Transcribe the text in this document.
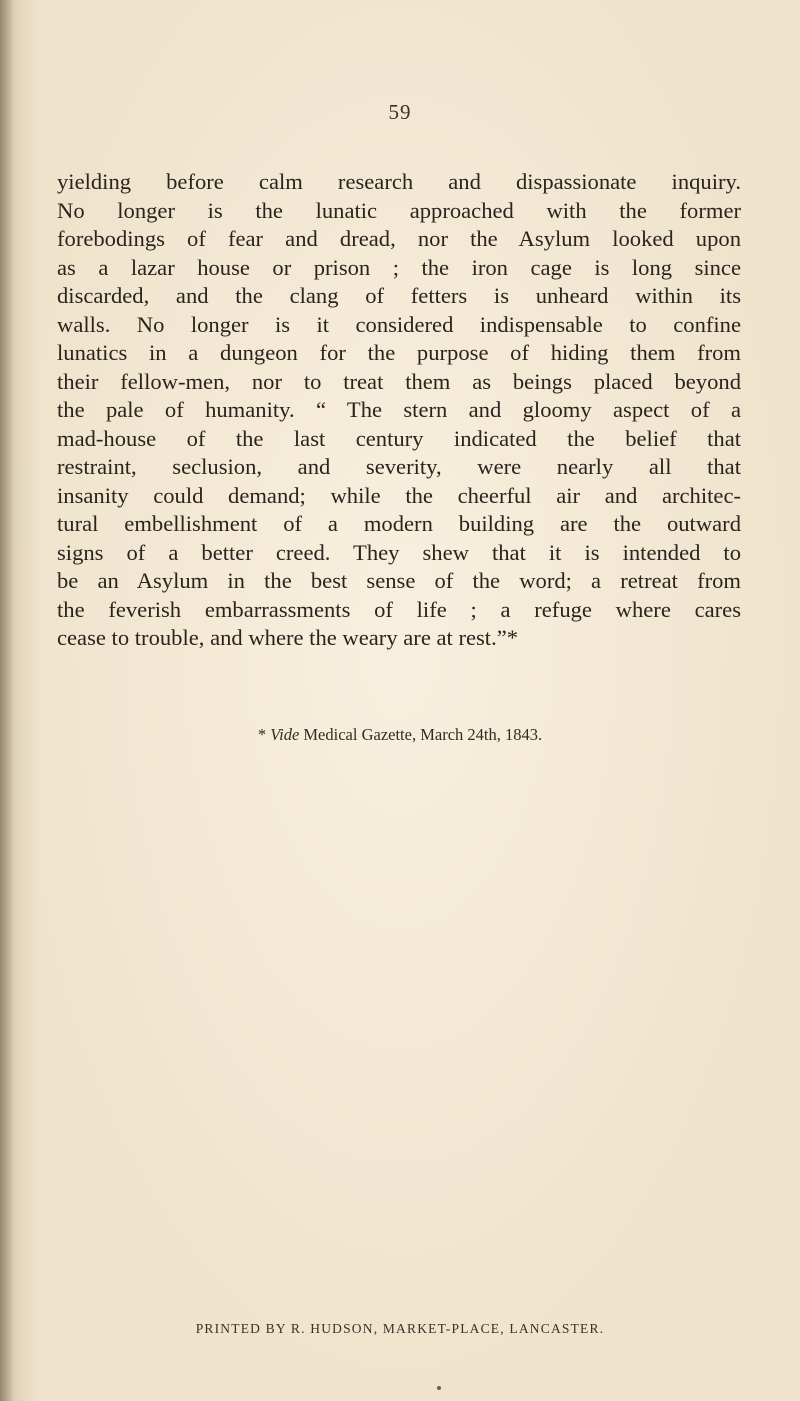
59
yielding before calm research and dispassionate inquiry.
No longer is the lunatic approached with the former
forebodings of fear and dread, nor the Asylum looked upon
as a lazar house or prison ; the iron cage is long since
discarded, and the clang of fetters is unheard within its
walls. No longer is it considered indispensable to confine
lunatics in a dungeon for the purpose of hiding them from
their fellow-men, nor to treat them as beings placed beyond
the pale of humanity. “ The stern and gloomy aspect of a
mad-house of the last century indicated the belief that
restraint, seclusion, and severity, were nearly all that
insanity could demand; while the cheerful air and architec-
tural embellishment of a modern building are the outward
signs of a better creed. They shew that it is intended to
be an Asylum in the best sense of the word; a retreat from
the feverish embarrassments of life ; a refuge where cares
cease to trouble, and where the weary are at rest.”*
* Vide Medical Gazette, March 24th, 1843.
PRINTED BY R. HUDSON, MARKET-PLACE, LANCASTER.
